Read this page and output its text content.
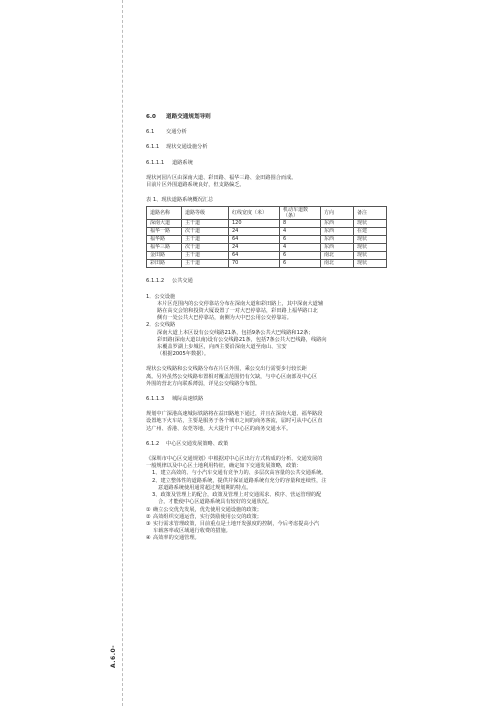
A.6.0-
6.0 道路交通规划导则
6.1 交通分析
6.1.1 现状交通设施分析
6.1.1.1 道路系统

现状河园片区由深南大道、彩田路、福华三路、金田路围合而成。
目前片区外围道路系统良好，但支路偏乏。

表 1、现状道路系统概况汇总
道路名称	道路等级	红线宽度（米）	机动车道数（条）	方向	备注
深南大道	主干道	120	8	东西	现状
福华一路	次干道	24	4	东西	在建
福华路	主干道	64	6	东西	现状
福华三路	次干道	24	4	东西	现状
金田路	主干道	64	6	南北	现状
彩田路	主干道	70	6	南北	现状
6.1.1.2 公共交通
1．公交设施
本片区范围内的公交停靠站分布在深南大道和彩田路上，其中深南大道辅
路在高交会馆和投资大厦设置了一对大巴停靠站，彩田路上福华路口北
侧有一处公共大巴停靠站，南侧为大中巴公用公交停靠站。
2．公交线路
深南大道上本区设有公交线路21条，包括9条公共大巴线路和12条；
彩田路(深南大道以南)设有公交线路21条，包括7条公共大巴线路，线路向
东覆盖罗湖上步城区，向西主要沿深南大道至南山、宝安
（根据2005年数据）。

现状公交线路和公交线路分布在片区外围，乘公交出行需要步行较长距
离。另外虽然公交线路布置相对覆盖范围仍有欠缺，与中心区南部及中心区
外围的营北方向联系薄弱，详见公交线路分布图。

6.1.1.3 城际高速铁路

规划中广深港高速城际铁路将在益田路地下通过，并且在深南大道、福华路段
设置地下火车站，主要是服务于各个城市之间的商务客流，届时可从中心区直
达广州、香港、东莞等地，大大提升了中心区的商务交通水平。

6.1.2 中心区交通发展策略、政策
《深圳市中心区交通规划》中根据对中心区出行方式构成的分析、交通发展的
一般规律以及中心区土地利用特征，确定如下交通发展策略，政策：
1、建立高效的、与小汽车交通有竞争力的、多层次高容量的公共交通系统。
2、建立整体性的道路系统，提供并保证道路系统有充分的容量和连续性，注
意道路系统使用通常超过规划期的特点。
3、政策及管理上的配合，政策及管理上对交通需求、秩序、营运管理的配
合，才能使中心区道路系统具有较好的交通状况。
① 确立公交优先发展，优先使用交通设施的政策；
② 高效组织交通运营，实行鼓励使用公交的政策；
③ 实行需求管理政策，目前重点是土地开发强度的控制，今后考虑提高小汽
车载客率或区域通行收费的措施。
④ 高效率的交通管理。
